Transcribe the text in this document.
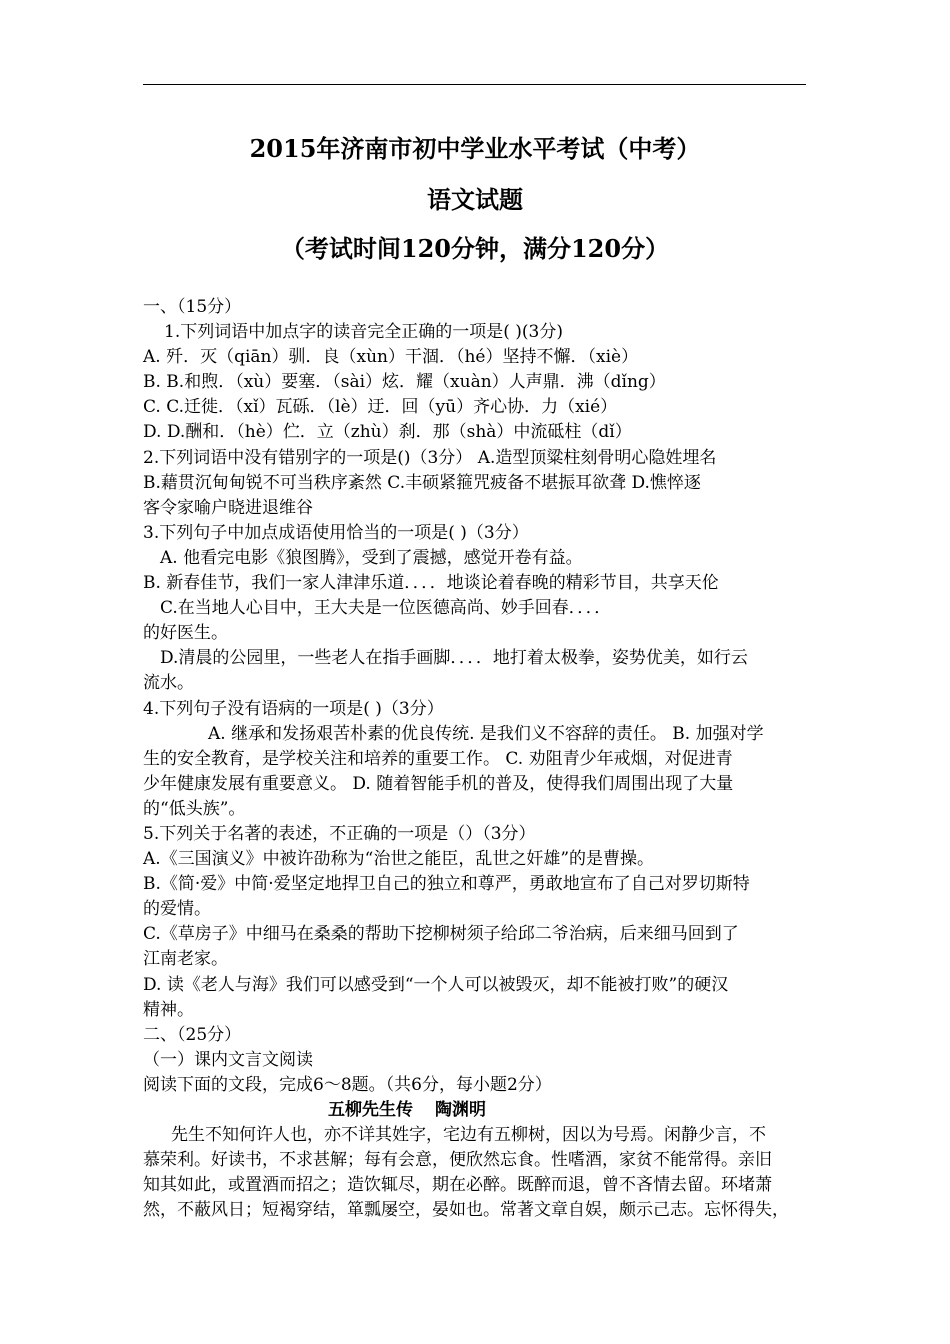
2015年济南市初中学业水平考试（中考）
语文试题
（考试时间120分钟，满分120分）
一、（15分）
1.下列词语中加点字的读音完全正确的一项是( )(3分)
A. 歼．灭（qiān）驯．良（xùn）干涸．（hé）坚持不懈．（xiè）
B. B.和煦．（xù）要塞．（sài）炫．耀（xuàn）人声鼎．沸（dǐng）
C. C.迁徙．（xǐ）瓦砾．（lè）迂．回（yū）齐心协．力（xié）
D. D.酬和．（hè）伫．立（zhù）刹．那（shà）中流砥柱（dǐ）
2.下列词语中没有错别字的一项是()（3分） A.造型顶粱柱刻骨明心隐姓埋名
B.藉贯沉甸甸锐不可当秩序紊然 C.丰硕紧箍咒疲备不堪振耳欲聋 D.憔悴逐
客令家喻户晓进退维谷
3.下列句子中加点成语使用恰当的一项是( )（3分）
A. 他看完电影《狼图腾》，受到了震撼，感觉开卷有益。
B. 新春佳节，我们一家人津津乐道．．．．地谈论着春晚的精彩节目，共享天伦
C.在当地人心目中，王大夫是一位医德高尚、妙手回春．．．．
的好医生。
D.清晨的公园里，一些老人在指手画脚．．．．地打着太极拳，姿势优美，如行云
流水。
4.下列句子没有语病的一项是( )（3分）
A. 继承和发扬艰苦朴素的优良传统. 是我们义不容辞的责任。 B. 加强对学
生的安全教育，是学校关注和培养的重要工作。 C. 劝阻青少年戒烟，对促进青
少年健康发展有重要意义。 D. 随着智能手机的普及，使得我们周围出现了大量
的“低头族”。
5.下列关于名著的表述，不正确的一项是（）（3分）
A.《三国演义》中被许劭称为“治世之能臣，乱世之奸雄”的是曹操。
B.《简·爱》中简·爱坚定地捍卫自己的独立和尊严，勇敢地宣布了自己对罗切斯特
的爱情。
C.《草房子》中细马在桑桑的帮助下挖柳树须子给邱二爷治病，后来细马回到了
江南老家。
D. 读《老人与海》我们可以感受到“一个人可以被毁灭，却不能被打败”的硬汉
精神。
二、（25分）
（一）课内文言文阅读
阅读下面的文段，完成6～8题。（共6分，每小题2分）
五柳先生传 陶渊明
先生不知何许人也，亦不详其姓字，宅边有五柳树，因以为号焉。闲静少言，不
慕荣利。好读书，不求甚解；每有会意，便欣然忘食。性嗜酒，家贫不能常得。亲旧
知其如此，或置酒而招之；造饮辄尽，期在必醉。既醉而退，曾不吝情去留。环堵萧
然，不蔽风日；短褐穿结，箪瓢屡空，晏如也。常著文章自娱，颇示己志。忘怀得失，
